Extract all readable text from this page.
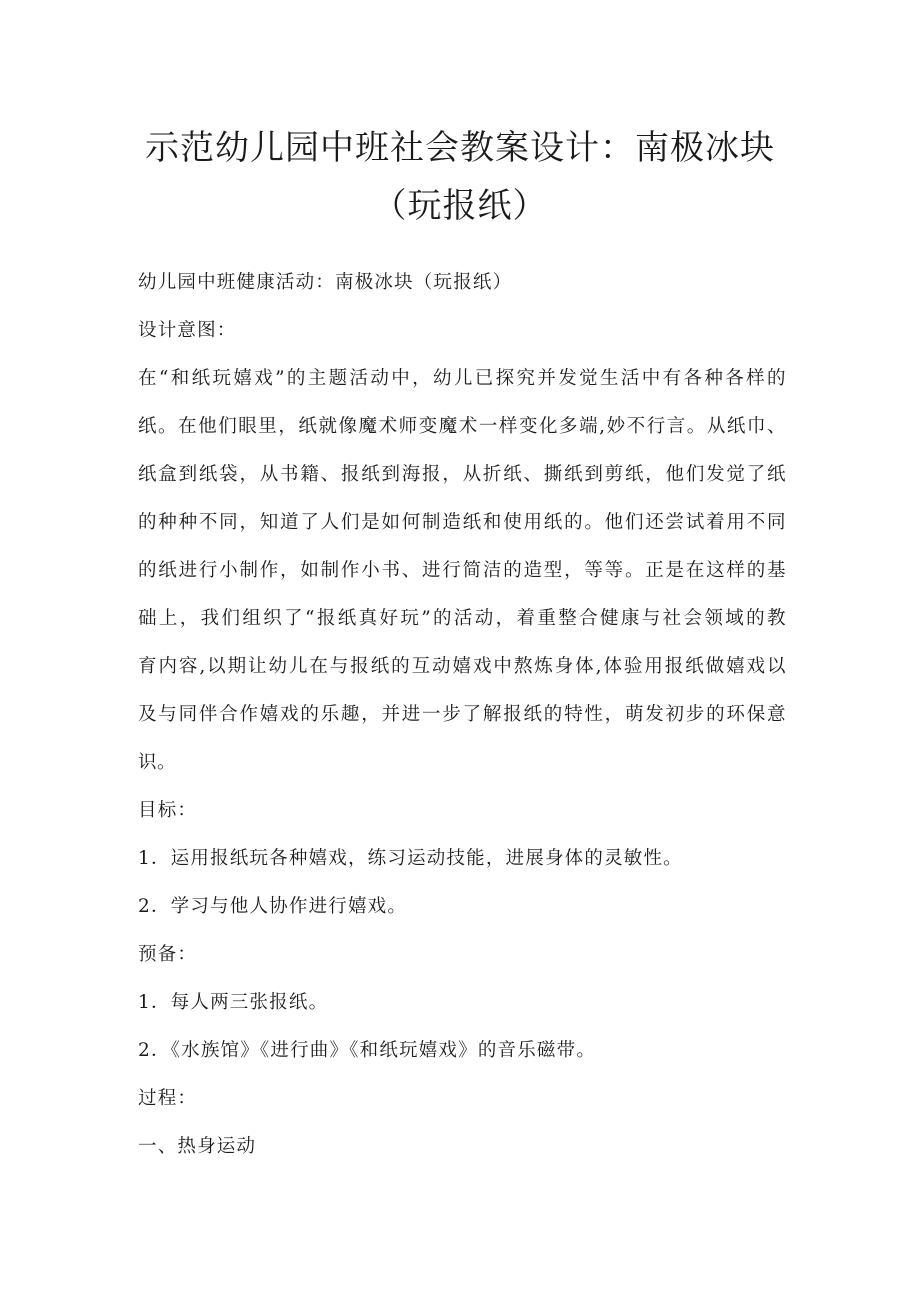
示范幼儿园中班社会教案设计：南极冰块
（玩报纸）
幼儿园中班健康活动：南极冰块（玩报纸）
设计意图：
在“和纸玩嬉戏”的主题活动中，幼儿已探究并发觉生活中有各种各样的
纸。在他们眼里，纸就像魔术师变魔术一样变化多端,妙不行言。从纸巾、
纸盒到纸袋，从书籍、报纸到海报，从折纸、撕纸到剪纸，他们发觉了纸
的种种不同，知道了人们是如何制造纸和使用纸的。他们还尝试着用不同
的纸进行小制作，如制作小书、进行简洁的造型，等等。正是在这样的基
础上，我们组织了“报纸真好玩”的活动，着重整合健康与社会领域的教
育内容,以期让幼儿在与报纸的互动嬉戏中熬炼身体,体验用报纸做嬉戏以
及与同伴合作嬉戏的乐趣，并进一步了解报纸的特性，萌发初步的环保意
识。
目标：
1．运用报纸玩各种嬉戏，练习运动技能，进展身体的灵敏性。
2．学习与他人协作进行嬉戏。
预备：
1．每人两三张报纸。
2．《水族馆》《进行曲》《和纸玩嬉戏》的音乐磁带。
过程：
一、热身运动
